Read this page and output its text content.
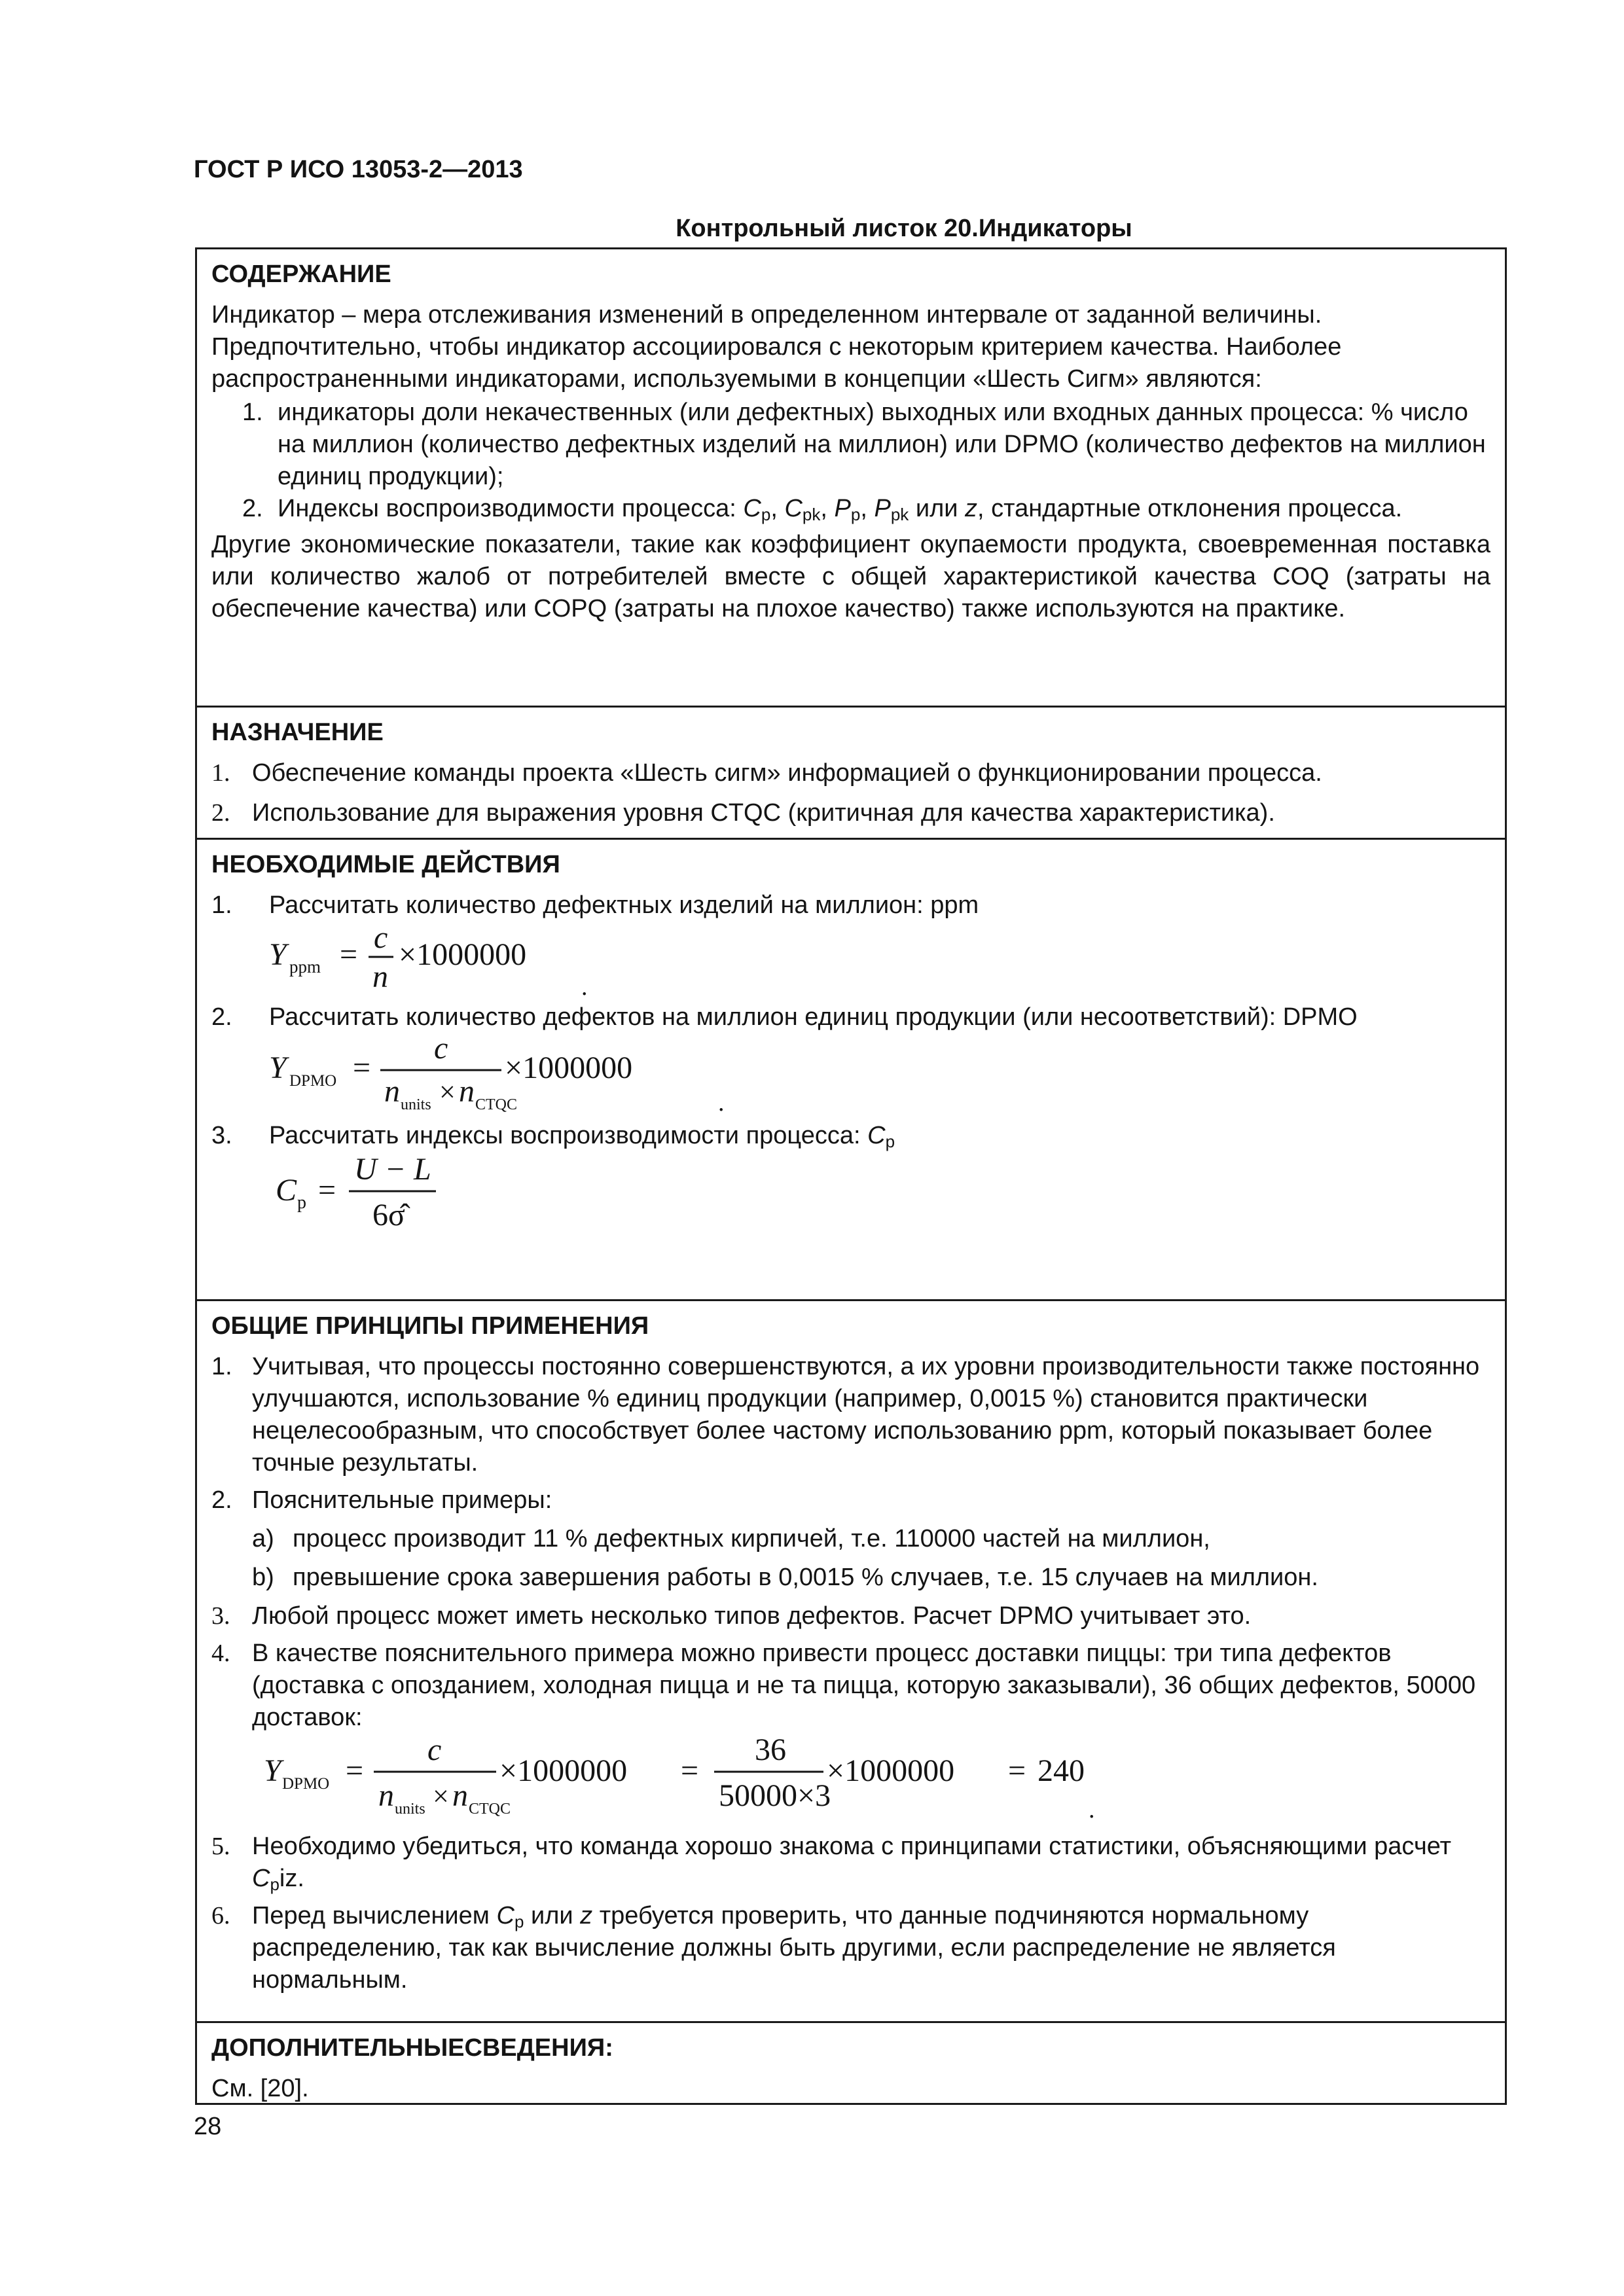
ГОСТ Р ИСО 13053-2—2013

Контрольный листок 20.Индикаторы

СОДЕРЖАНИЕ

Индикатор – мера отслеживания изменений в определенном интервале от заданной величины. Предпочтительно, чтобы индикатор ассоциировался с некоторым критерием качества. Наиболее распространенными индикаторами, используемыми в концепции «Шесть Сигм» являются:

1. индикаторы доли некачественных (или дефектных) выходных или входных данных процесса: % число на миллион (количество дефектных изделий на миллион) или DPMO (количество дефектов на миллион единиц продукции);
2. Индексы воспроизводимости процесса: $C_p$, $C_{pk}$, $P_p$, $P_{pk}$ или z, стандартные отклонения процесса.

Другие экономические показатели, такие как коэффициент окупаемости продукта, своевременная поставка или количество жалоб от потребителей вместе с общей характеристикой качества COQ (затраты на обеспечение качества) или COPQ (затраты на плохое качество) также используются на практике.

НАЗНАЧЕНИЕ

1. Обеспечение команды проекта «Шесть сигм» информацией о функционировании процесса.
2. Использование для выражения уровня CTQC (критичная для качества характеристика).

НЕОБХОДИМЫЕ ДЕЙСТВИЯ

1. Рассчитать количество дефектных изделий на миллион: ppm
Y ppm = c
n
×1000000
.
2. Рассчитать количество дефектов на миллион единиц продукции (или несоответствий): DPMO
Y DPMO =
c
n units × n CTQC
×1000000
.
3. Рассчитать индексы воспроизводимости процесса: $C_p$
C p =
U − L
6σ̂

ОБЩИЕ ПРИНЦИПЫ ПРИМЕНЕНИЯ

1. Учитывая, что процессы постоянно совершенствуются, а их уровни производительности также постоянно улучшаются, использование % единиц продукции (например, 0,0015 %) становится практически нецелесообразным, что способствует более частому использованию ppm, который показывает более точные результаты.
2. Пояснительные примеры:
a) процесс производит 11 % дефектных кирпичей, т.е. 110000 частей на миллион,
b) превышение срока завершения работы в 0,0015 % случаев, т.е. 15 случаев на миллион.
3. Любой процесс может иметь несколько типов дефектов. Расчет DPMO учитывает это.
4. В качестве пояснительного примера можно привести процесс доставки пиццы: три типа дефектов (доставка с опозданием, холодная пицца и не та пицца, которую заказывали), 36 общих дефектов, 50000 доставок:
Y DPMO =
c
n units × n CTQC
×1000000 =
36
50000×3
×1000000 = 240
.
5. Необходимо убедиться, что команда хорошо знакома с принципами статистики, объясняющими расчет $C_piz$.
6. Перед вычислением $C_p$ или z требуется проверить, что данные подчиняются нормальному распределению, так как вычисление должны быть другими, если распределение не является нормальным.

ДОПОЛНИТЕЛЬНЫЕСВЕДЕНИЯ:

См. [20].

28
